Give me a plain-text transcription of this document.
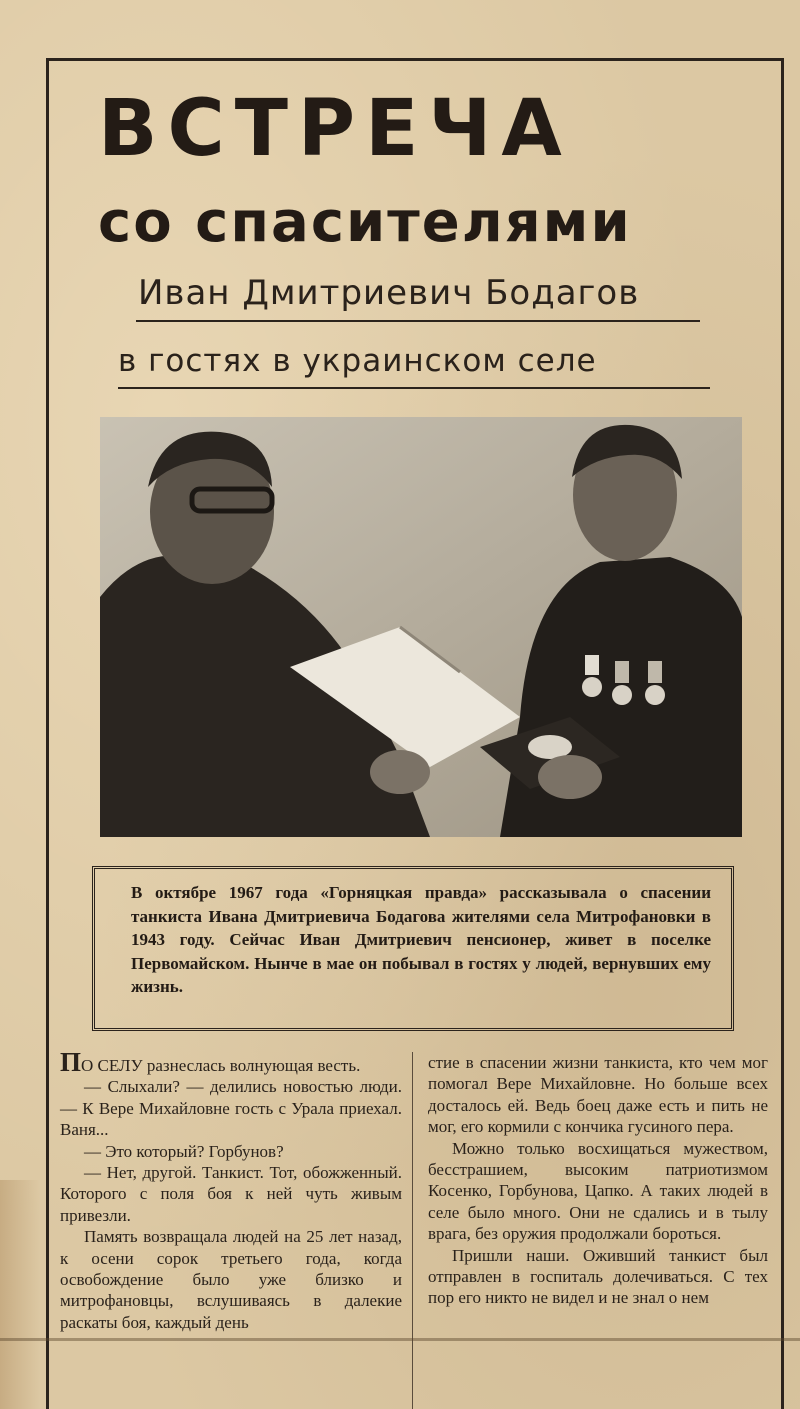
ВСТРЕЧА
со спасителями
Иван Дмитриевич Бодагов
в гостях в украинском селе
В октябре 1967 года «Горняцкая правда» рассказывала о спасении танкиста Ивана Дмитриевича Бодагова жителями села Митрофановки в 1943 году. Сейчас Иван Дмитриевич пенсионер, живет в поселке Первомайском. Нынче в мае он побывал в гостях у людей, вернувших ему жизнь.

ПО СЕЛУ разнеслась волнующая весть.

— Слыхали? — делились новостью люди. — К Вере Михайловне гость с Урала приехал. Ваня...

— Это который? Горбунов?

— Нет, другой. Танкист. Тот, обожженный. Которого с поля боя к ней чуть живым привезли.

Память возвращала людей на 25 лет назад, к осени сорок третьего года, когда освобождение было уже близко и митрофановцы, вслушиваясь в далекие раскаты боя, каждый день

стие в спасении жизни танкиста, кто чем мог помогал Вере Михайловне. Но больше всех досталось ей. Ведь боец даже есть и пить не мог, его кормили с кончика гусиного пера.

Можно только восхищаться мужеством, бесстрашием, высоким патриотизмом Косенко, Горбунова, Цапко. А таких людей в селе было много. Они не сдались и в тылу врага, без оружия продолжали бороться.

Пришли наши. Оживший танкист был отправлен в госпиталь долечиваться. С тех пор его никто не видел и не знал о нем
